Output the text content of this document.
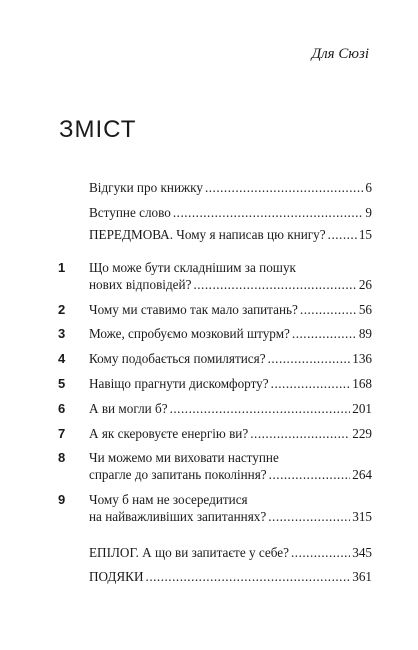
Для Сюзі
ЗМІСТ
Відгуки про книжку .....	6
Вступне слово .....	9
ПЕРЕДМОВА. Чому я написав цю книгу? .....	15
1 Що може бути складнішим за пошук
нових відповідей? .....	26
2 Чому ми ставимо так мало запитань? .....	56
3 Може, спробуємо мозковий штурм? .....	89
4 Кому подобається помилятися? .....	136
5 Навіщо прагнути дискомфорту? .....	168
6 А ви могли б? .....	201
7 А як скеровуєте енергію ви? .....	229
8 Чи можемо ми виховати наступне
спрагле до запитань покоління? .....	264
9 Чому б нам не зосередитися
на найважливіших запитаннях? .....	315
ЕПІЛОГ. А що ви запитаєте у себе? .....	345
ПОДЯКИ .....	361
